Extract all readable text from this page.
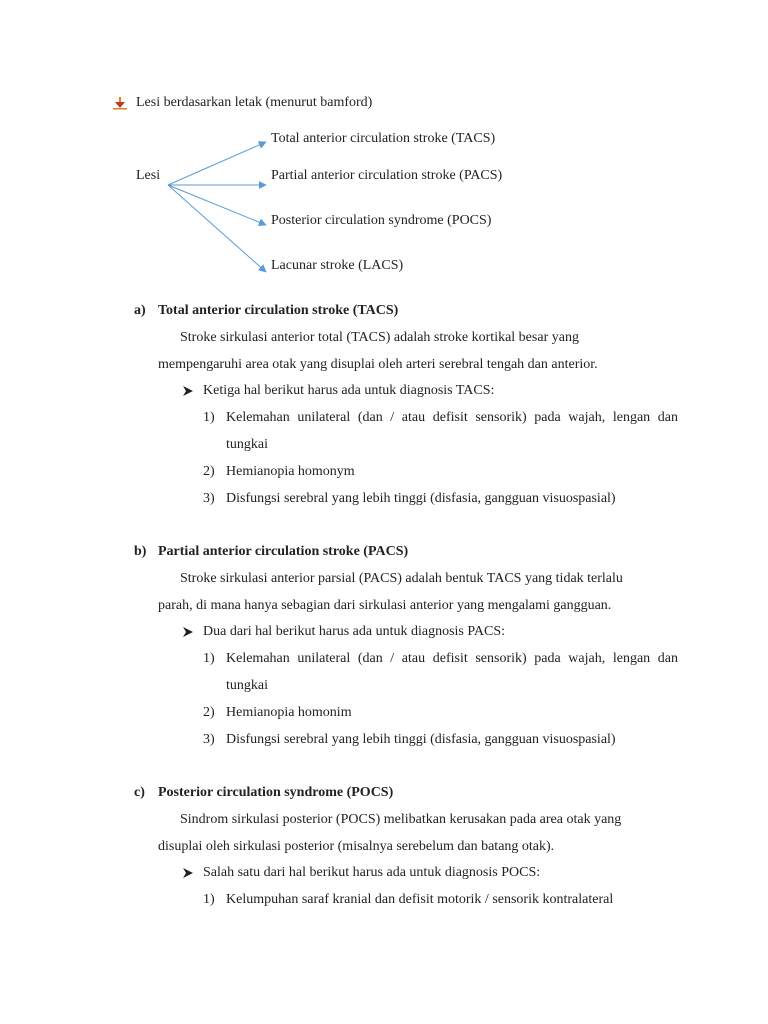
Lesi berdasarkan letak (menurut bamford)
Lesi
Total anterior circulation stroke (TACS)
Partial anterior circulation stroke (PACS)
Posterior circulation syndrome (POCS)
Lacunar stroke (LACS)
a) Total anterior circulation stroke (TACS)
Stroke sirkulasi anterior total (TACS) adalah stroke kortikal besar yang
mempengaruhi area otak yang disuplai oleh arteri serebral tengah dan anterior.
Ketiga hal berikut harus ada untuk diagnosis TACS:
1) Kelemahan unilateral (dan / atau defisit sensorik) pada wajah, lengan dan
tungkai
2) Hemianopia homonym
3) Disfungsi serebral yang lebih tinggi (disfasia, gangguan visuospasial)
b) Partial anterior circulation stroke (PACS)
Stroke sirkulasi anterior parsial (PACS) adalah bentuk TACS yang tidak terlalu
parah, di mana hanya sebagian dari sirkulasi anterior yang mengalami gangguan.
Dua dari hal berikut harus ada untuk diagnosis PACS:
1) Kelemahan unilateral (dan / atau defisit sensorik) pada wajah, lengan dan
tungkai
2) Hemianopia homonim
3) Disfungsi serebral yang lebih tinggi (disfasia, gangguan visuospasial)
c) Posterior circulation syndrome (POCS)
Sindrom sirkulasi posterior (POCS) melibatkan kerusakan pada area otak yang
disuplai oleh sirkulasi posterior (misalnya serebelum dan batang otak).
Salah satu dari hal berikut harus ada untuk diagnosis POCS:
1) Kelumpuhan saraf kranial dan defisit motorik / sensorik kontralateral
